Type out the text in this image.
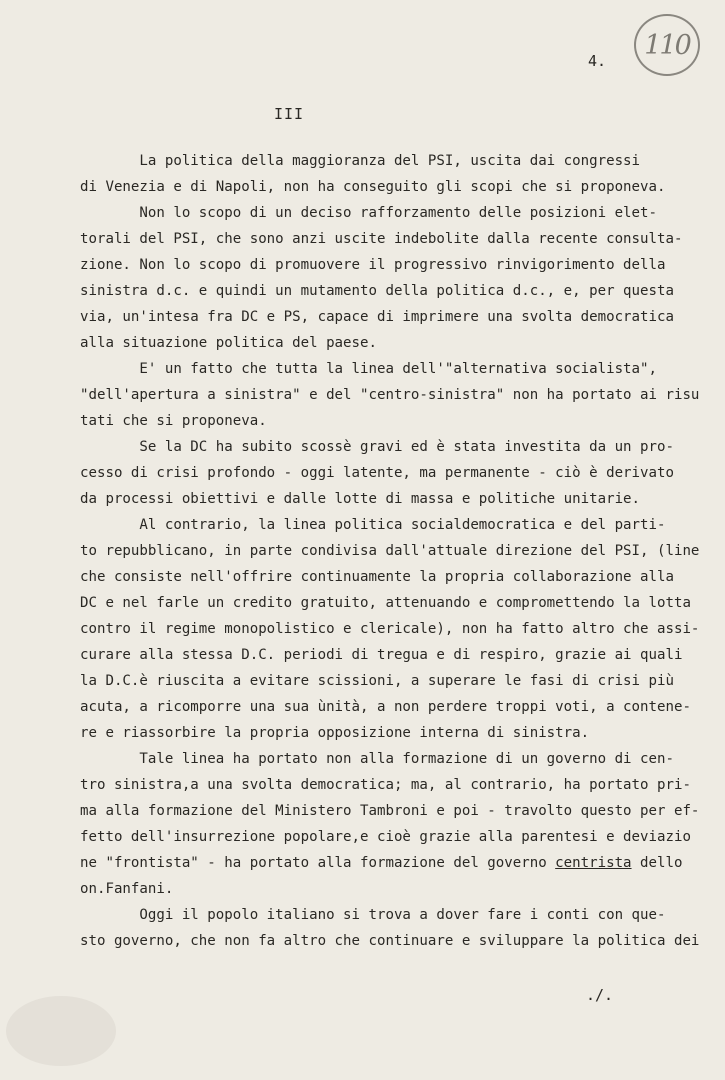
110
4.
III
La politica della maggioranza del PSI, uscita dai congressi
di Venezia e di Napoli, non ha conseguito gli scopi che si proponeva.
Non lo scopo di un deciso rafforzamento delle posizioni elet-
torali del PSI, che sono anzi uscite indebolite dalla recente consulta-
zione. Non lo scopo di promuovere il progressivo rinvigorimento della
sinistra d.c. e quindi un mutamento della politica d.c., e, per questa
via, un'intesa fra DC e PS, capace di imprimere una svolta democratica
alla situazione politica del paese.
E' un fatto che tutta la linea dell'"alternativa socialista",
"dell'apertura a sinistra" e del "centro-sinistra" non ha portato ai risu
tati che si proponeva.
Se la DC ha subito scossè gravi ed è stata investita da un pro-
cesso di crisi profondo - oggi latente, ma permanente - ciò è derivato
da processi obiettivi e dalle lotte di massa e politiche unitarie.
Al contrario, la linea politica socialdemocratica e del parti-
to repubblicano, in parte condivisa dall'attuale direzione del PSI, (line
che consiste nell'offrire continuamente la propria collaborazione alla
DC e nel farle un credito gratuito, attenuando e compromettendo la lotta
contro il regime monopolistico e clericale), non ha fatto altro che assi-
curare alla stessa D.C. periodi di tregua e di respiro, grazie ai quali
la D.C.è riuscita a evitare scissioni, a superare le fasi di crisi più
acuta, a ricomporre una sua ùnità, a non perdere troppi voti, a contene-
re e riassorbire la propria opposizione interna di sinistra.
Tale linea ha portato non alla formazione di un governo di cen-
tro sinistra,a una svolta democratica; ma, al contrario, ha portato pri-
ma alla formazione del Ministero Tambroni e poi - travolto questo per ef-
fetto dell'insurrezione popolare,e cioè grazie alla parentesi e deviazio
ne "frontista" - ha portato alla formazione del governo centrista dello
on.Fanfani.
Oggi il popolo italiano si trova a dover fare i conti con que-
sto governo, che non fa altro che continuare e sviluppare la politica dei
./.
